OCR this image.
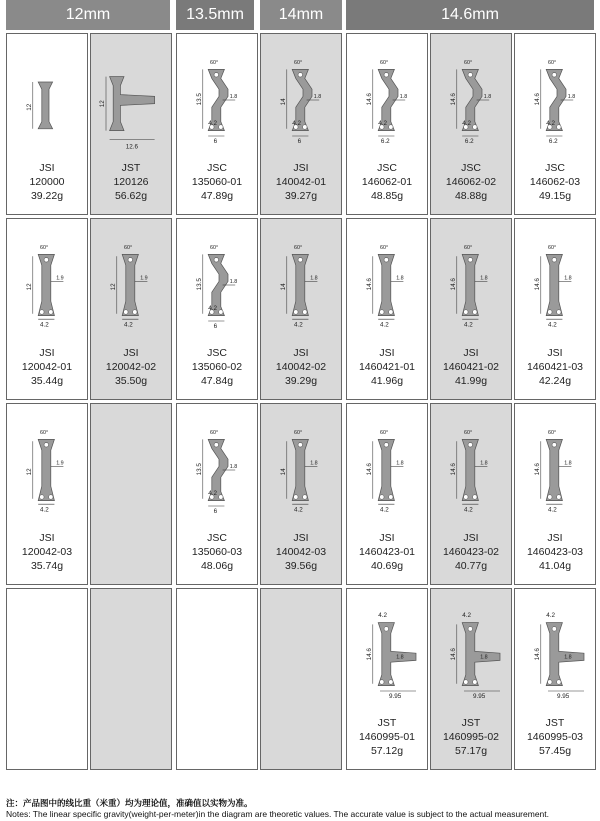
12mm	13.5mm	14mm	14.6mm
12
JSI
120000
39.22g
12
12.6
JST
120126
56.62g
60°
13.5	1.8
4.2
6
JSC
135060-01
47.89g
60°
14
1.8
4.2
6
JSI
140042-01
39.27g
60°
14.6	1.8
4.2
6.2
JSC
146062-01
48.85g
60°
14.6	1.8
4.2
6.2
JSC
146062-02
48.88g
60°
14.6	1.8
4.2
6.2
JSC
146062-03
49.15g
60°
12
1.9
4.2
JSI
120042-01
35.44g
60°
12
1.9
4.2
JSI
120042-02
35.50g
60°
13.5	1.8
4.2
6
JSC
135060-02
47.84g
60°
14
1.8
4.2
JSI
140042-02
39.29g
60°
14.6	1.8
4.2
JSI
1460421-01
41.96g
60°
14.6	1.8
4.2
JSI
1460421-02
41.99g
60°
14.6	1.8
4.2
JSI
1460421-03
42.24g
60°
12
1.9
4.2
JSI
120042-03
35.74g
60°
13.5	1.8
4.2
6
JSC
135060-03
48.06g
60°
14
1.8
4.2
JSI
140042-03
39.56g
60°
14.6	1.8
4.2
JSI
1460423-01
40.69g
60°
14.6	1.8
4.2
JSI
1460423-02
40.77g
60°
14.6	1.8
4.2
JSI
1460423-03
41.04g
4.2
14.6	1.8
9.95
JST
1460995-01
57.12g
4.2
14.6	1.8
9.95
JST
1460995-02
57.17g
4.2
14.6	1.8
9.95
JST
1460995-03
57.45g
注：产品图中的线比重（米重）均为理论值，准确值以实物为准。
Notes: The linear specific gravity(weight-per-meter)in the diagram are theoretic values. The accurate value is subject to the actual measurement.
